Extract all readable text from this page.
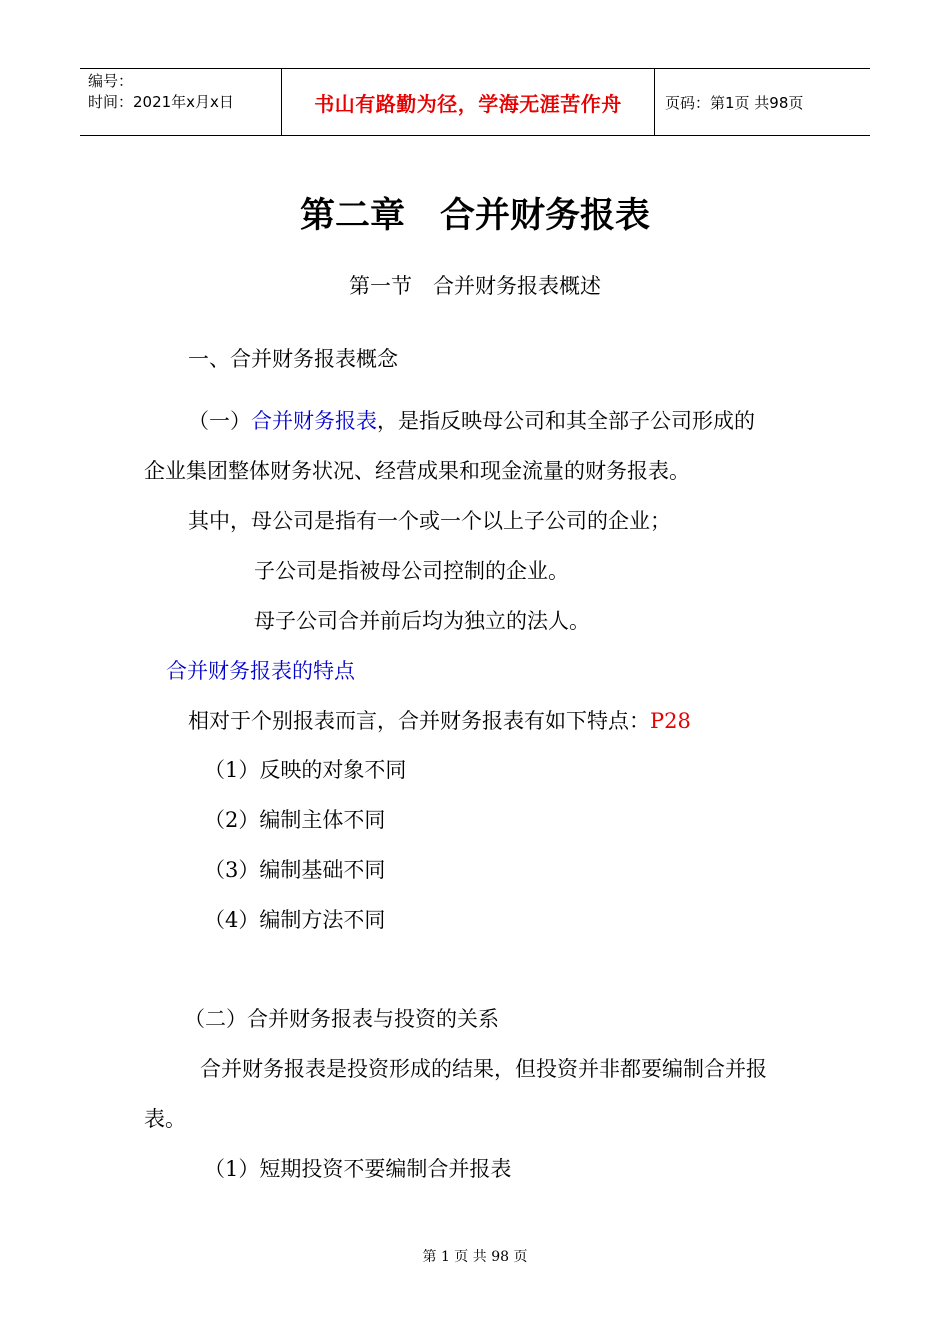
编号：
时间：2021年x月x日	书山有路勤为径，学海无涯苦作舟	页码：第1页 共98页
第二章　合并财务报表
第一节　合并财务报表概述
一、合并财务报表概念
（一）合并财务报表，是指反映母公司和其全部子公司形成的
企业集团整体财务状况、经营成果和现金流量的财务报表。
其中，母公司是指有一个或一个以上子公司的企业；
子公司是指被母公司控制的企业。
母子公司合并前后均为独立的法人。
合并财务报表的特点
相对于个别报表而言，合并财务报表有如下特点：P28
（1）反映的对象不同
（2）编制主体不同
（3）编制基础不同
（4）编制方法不同
（二）合并财务报表与投资的关系
合并财务报表是投资形成的结果，但投资并非都要编制合并报
表。
（1）短期投资不要编制合并报表
第 1 页 共 98 页
